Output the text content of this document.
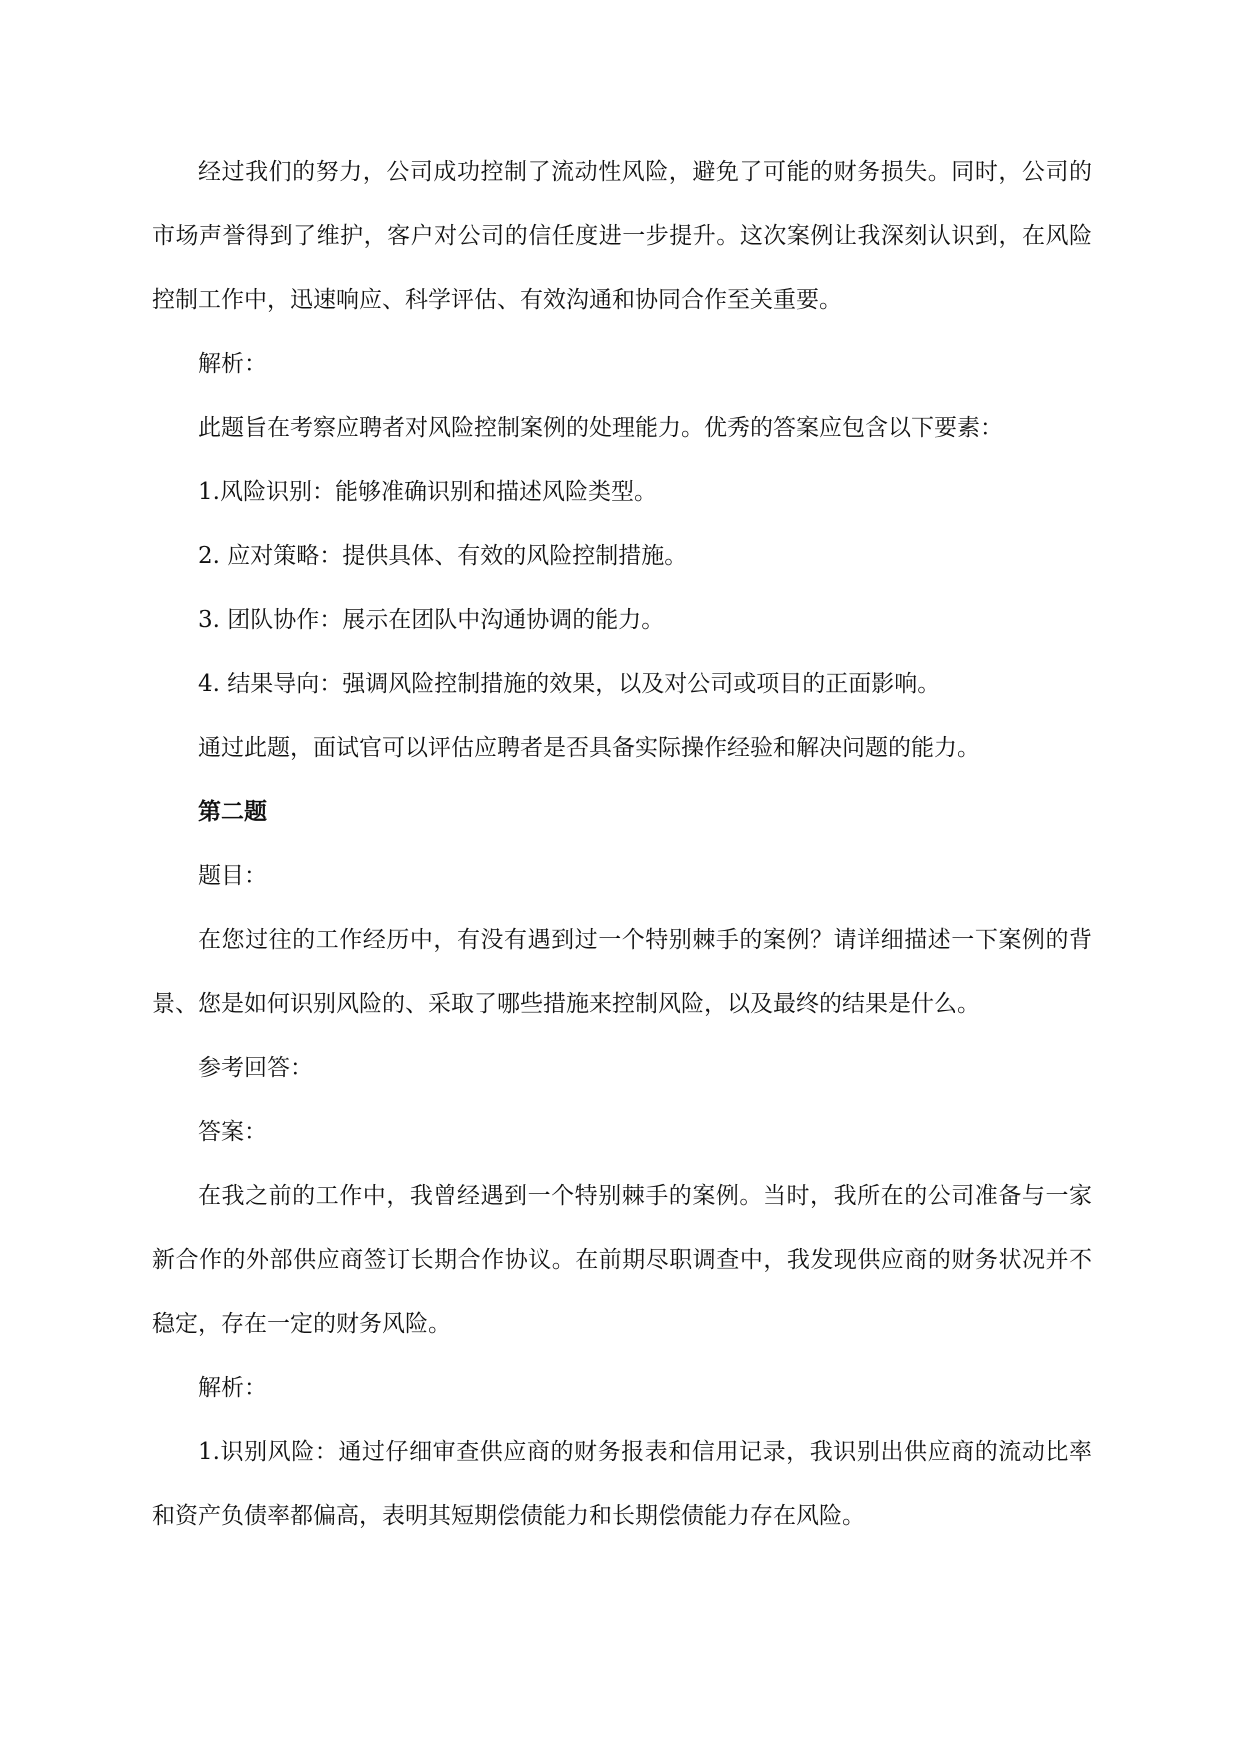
经过我们的努力，公司成功控制了流动性风险，避免了可能的财务损失。同时，公司的市场声誉得到了维护，客户对公司的信任度进一步提升。这次案例让我深刻认识到，在风险控制工作中，迅速响应、科学评估、有效沟通和协同合作至关重要。

解析：

此题旨在考察应聘者对风险控制案例的处理能力。优秀的答案应包含以下要素：

1.风险识别：能够准确识别和描述风险类型。

2. 应对策略：提供具体、有效的风险控制措施。

3. 团队协作：展示在团队中沟通协调的能力。

4. 结果导向：强调风险控制措施的效果，以及对公司或项目的正面影响。

通过此题，面试官可以评估应聘者是否具备实际操作经验和解决问题的能力。

第二题

题目：

在您过往的工作经历中，有没有遇到过一个特别棘手的案例？请详细描述一下案例的背景、您是如何识别风险的、采取了哪些措施来控制风险，以及最终的结果是什么。

参考回答：

答案：

在我之前的工作中，我曾经遇到一个特别棘手的案例。当时，我所在的公司准备与一家新合作的外部供应商签订长期合作协议。在前期尽职调查中，我发现供应商的财务状况并不稳定，存在一定的财务风险。

解析：

1.识别风险：通过仔细审查供应商的财务报表和信用记录，我识别出供应商的流动比率和资产负债率都偏高，表明其短期偿债能力和长期偿债能力存在风险。
